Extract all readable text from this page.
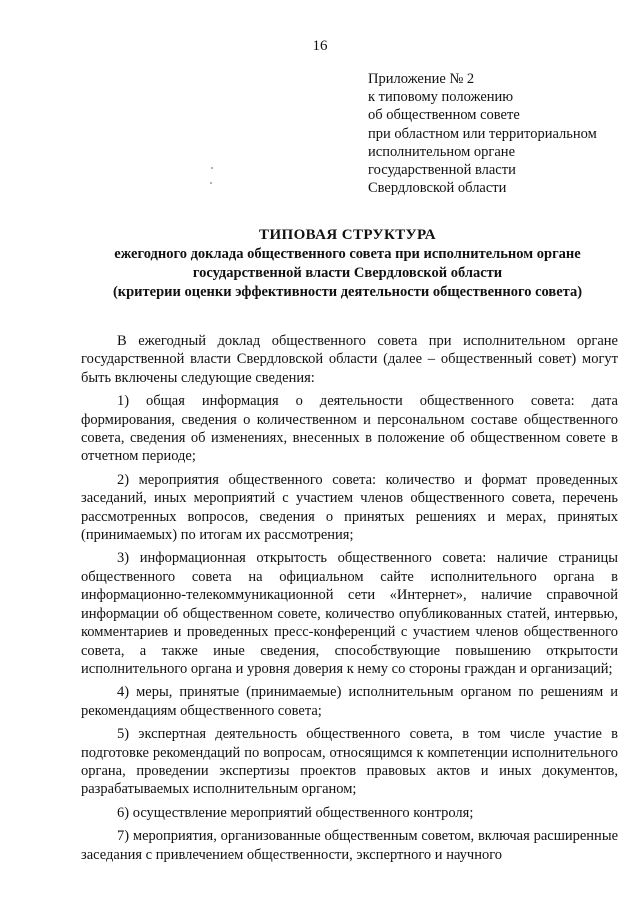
16
Приложение № 2
к типовому положению
об общественном совете
при областном или территориальном
исполнительном органе
государственной власти
Свердловской области
ТИПОВАЯ СТРУКТУРА
ежегодного доклада общественного совета при исполнительном органе
государственной власти Свердловской области
(критерии оценки эффективности деятельности общественного совета)

В ежегодный доклад общественного совета при исполнительном органе государственной власти Свердловской области (далее – общественный совет) могут быть включены следующие сведения:

1) общая информация о деятельности общественного совета: дата формирования, сведения о количественном и персональном составе общественного совета, сведения об изменениях, внесенных в положение об общественном совете в отчетном периоде;

2) мероприятия общественного совета: количество и формат проведенных заседаний, иных мероприятий с участием членов общественного совета, перечень рассмотренных вопросов, сведения о принятых решениях и мерах, принятых (принимаемых) по итогам их рассмотрения;

3) информационная открытость общественного совета: наличие страницы общественного совета на официальном сайте исполнительного органа в информационно-телекоммуникационной сети «Интернет», наличие справочной информации об общественном совете, количество опубликованных статей, интервью, комментариев и проведенных пресс-конференций с участием членов общественного совета, а также иные сведения, способствующие повышению открытости исполнительного органа и уровня доверия к нему со стороны граждан и организаций;

4) меры, принятые (принимаемые) исполнительным органом по решениям и рекомендациям общественного совета;

5) экспертная деятельность общественного совета, в том числе участие в подготовке рекомендаций по вопросам, относящимся к компетенции исполнительного органа, проведении экспертизы проектов правовых актов и иных документов, разрабатываемых исполнительным органом;

6) осуществление мероприятий общественного контроля;

7) мероприятия, организованные общественным советом, включая расширенные заседания с привлечением общественности, экспертного и научного
